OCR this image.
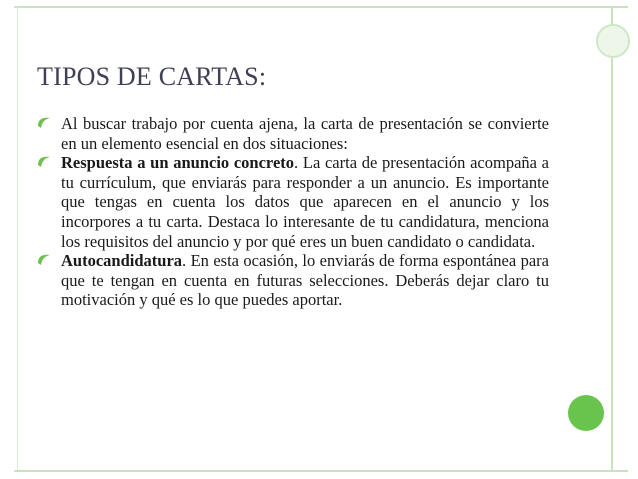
TIPOS DE CARTAS:
Al buscar trabajo por cuenta ajena, la carta de presentación se convierte en un elemento esencial en dos situaciones:
Respuesta a un anuncio concreto. La carta de presentación acompaña a tu currículum, que enviarás para responder a un anuncio. Es importante que tengas en cuenta los datos que aparecen en el anuncio y los incorpores a tu carta. Destaca lo interesante de tu candidatura, menciona los requisitos del anuncio y por qué eres un buen candidato o candidata.
Autocandidatura. En esta ocasión, lo enviarás de forma espontánea para que te tengan en cuenta en futuras selecciones. Deberás dejar claro tu motivación y qué es lo que puedes aportar.
